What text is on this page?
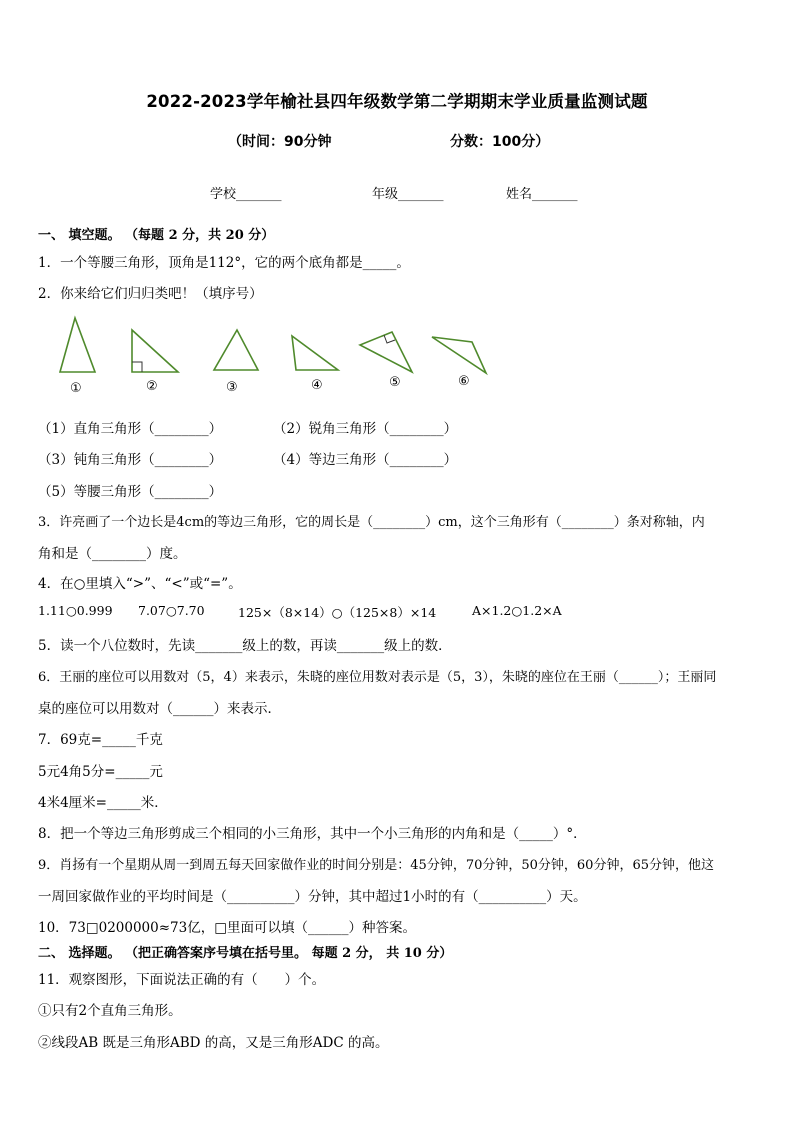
2022-2023学年榆社县四年级数学第二学期期末学业质量监测试题
（时间：90分钟	分数：100分）
学校_______	年级_______	姓名_______
一、 填空题。 （每题 2 分，共 20 分）
1．一个等腰三角形，顶角是112°，它的两个底角都是_____。
2．你来给它们归归类吧！（填序号）
①	②	③	④	⑤	⑥
（1）直角三角形（________）	（2）锐角三角形（________）
（3）钝角三角形（________）	（4）等边三角形（________）
（5）等腰三角形（________）
3．许亮画了一个边长是4cm的等边三角形，它的周长是（________）cm，这个三角形有（________）条对称轴，内
角和是（________）度。
4．在○里填入“>”、“<”或“=”。
1.11○0.999 7.07○7.70	125×（8×14）○（125×8）×14	A×1.2○1.2×A
5．读一个八位数时，先读_______级上的数，再读_______级上的数．
6．王丽的座位可以用数对（5，4）来表示，朱晓的座位用数对表示是（5，3），朱晓的座位在王丽（______）；王丽同
桌的座位可以用数对（______）来表示．
7．69克=_____千克
5元4角5分=_____元
4米4厘米=_____米．
8．把一个等边三角形剪成三个相同的小三角形，其中一个小三角形的内角和是（_____）°．
9．肖扬有一个星期从周一到周五每天回家做作业的时间分别是：45分钟，70分钟，50分钟，60分钟，65分钟，他这
一周回家做作业的平均时间是（__________）分钟，其中超过1小时的有（__________）天。
10．73□0200000≈73亿，□里面可以填（______）种答案。
二、 选择题。 （把正确答案序号填在括号里。 每题 2 分， 共 10 分）
11．观察图形，下面说法正确的有（　　）个。
①只有2个直角三角形。
②线段AB 既是三角形ABD 的高，又是三角形ADC 的高。
